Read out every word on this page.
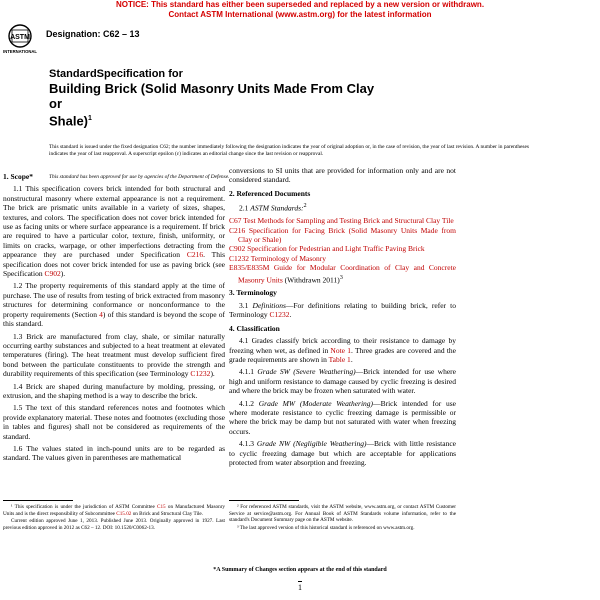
NOTICE: This standard has either been superseded and replaced by a new version or withdrawn.
Contact ASTM International (www.astm.org) for the latest information
ASTM
INTERNATIONAL
Designation: C62 – 13
StandardSpecification for
Building Brick (Solid Masonry Units Made From Clay or
Shale)$^1$
This standard is issued under the fixed designation C62; the number immediately following the designation indicates the year of original adoption or, in the case of revision, the year of last revision. A number in parentheses indicates the year of last reapproval. A superscript epsilon (ε) indicates an editorial change since the last revision or reapproval.
This standard has been approved for use by agencies of the Department of Defense.
1. Scope*

1.1 This specification covers brick intended for both structural and nonstructural masonry where external appearance is not a requirement. The brick are prismatic units available in a variety of sizes, shapes, textures, and colors. The specification does not cover brick intended for use as facing units or where surface appearance is a requirement. If brick are required to have a particular color, texture, finish, uniformity, or limits on cracks, warpage, or other imperfections detracting from the appearance they are purchased under Specification C216. This specification does not cover brick intended for use as paving brick (see Specification C902).

1.2 The property requirements of this standard apply at the time of purchase. The use of results from testing of brick extracted from masonry structures for determining conformance or nonconformance to the property requirements (Section 4) of this standard is beyond the scope of this standard.

1.3 Brick are manufactured from clay, shale, or similar naturally occurring earthy substances and subjected to a heat treatment at elevated temperatures (firing). The heat treatment must develop sufficient fired bond between the particulate constituents to provide the strength and durability requirements of this specification (see Terminology C1232).

1.4 Brick are shaped during manufacture by molding, pressing, or extrusion, and the shaping method is a way to describe the brick.

1.5 The text of this standard references notes and footnotes which provide explanatory material. These notes and footnotes (excluding those in tables and figures) shall not be considered as requirements of the standard.

1.6 The values stated in inch-pound units are to be regarded as standard. The values given in parentheses are mathematical

conversions to SI units that are provided for information only and are not considered standard.

2. Referenced Documents

2.1 ASTM Standards:$^2$

C67 Test Methods for Sampling and Testing Brick and Structural Clay Tile
C216 Specification for Facing Brick (Solid Masonry Units Made from Clay or Shale)
C902 Specification for Pedestrian and Light Traffic Paving Brick
C1232 Terminology of Masonry
E835/E835M Guide for Modular Coordination of Clay and Concrete Masonry Units (Withdrawn 2011)$^3$
3. Terminology

3.1 Definitions—For definitions relating to building brick, refer to Terminology C1232.

4. Classification

4.1 Grades classify brick according to their resistance to damage by freezing when wet, as defined in Note 1. Three grades are covered and the grade requirements are shown in Table 1.

4.1.1 Grade SW (Severe Weathering)—Brick intended for use where high and uniform resistance to damage caused by cyclic freezing is desired and where the brick may be frozen when saturated with water.

4.1.2 Grade MW (Moderate Weathering)—Brick intended for use where moderate resistance to cyclic freezing damage is permissible or where the brick may be damp but not saturated with water when freezing occurs.

4.1.3 Grade NW (Negligible Weathering)—Brick with little resistance to cyclic freezing damage but which are acceptable for applications protected from water absorption and freezing.

¹ This specification is under the jurisdiction of ASTM Committee C15 on Manufactured Masonry Units and is the direct responsibility of Subcommittee C15.02 on Brick and Structural Clay Tile.

Current edition approved June 1, 2013. Published June 2013. Originally approved in 1927. Last previous edition approved in 2012 as C62 – 12. DOI: 10.1520/C0062-13.

² For referenced ASTM standards, visit the ASTM website, www.astm.org, or contact ASTM Customer Service at service@astm.org. For Annual Book of ASTM Standards volume information, refer to the standard's Document Summary page on the ASTM website.

³ The last approved version of this historical standard is referenced on www.astm.org.

*A Summary of Changes section appears at the end of this standard
1
